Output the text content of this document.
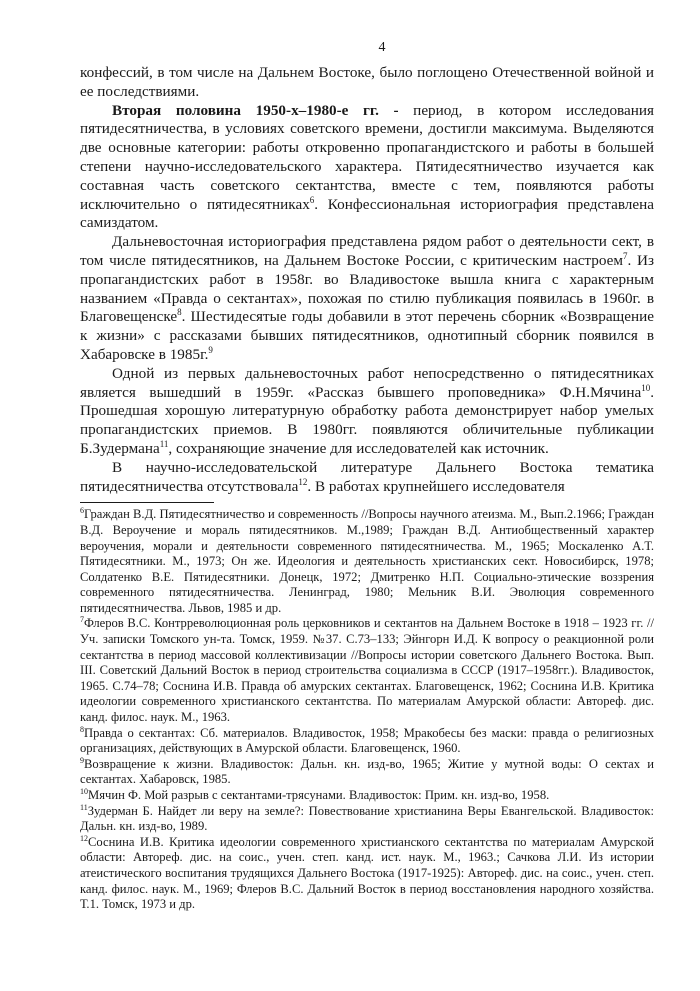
4

конфессий, в том числе на Дальнем Востоке, было поглощено Отечественной войной и ее последствиями.

Вторая половина 1950-х–1980-е гг. - период, в котором исследования пятидесятничества, в условиях советского времени, достигли максимума. Выделяются две основные категории: работы откровенно пропагандистского и работы в большей степени научно-исследовательского характера. Пятидесятничество изучается как составная часть советского сектантства, вместе с тем, появляются работы исключительно о пятидесятниках$^6$. Конфессиональная историография представлена самиздатом.

Дальневосточная историография представлена рядом работ о деятельности сект, в том числе пятидесятников, на Дальнем Востоке России, с критическим настроем$^7$. Из пропагандистских работ в 1958г. во Владивостоке вышла книга с характерным названием «Правда о сектантах», похожая по стилю публикация появилась в 1960г. в Благовещенске$^8$. Шестидесятые годы добавили в этот перечень сборник «Возвращение к жизни» с рассказами бывших пятидесятников, однотипный сборник появился в Хабаровске в 1985г.$^9$

Одной из первых дальневосточных работ непосредственно о пятидесятниках является вышедший в 1959г. «Рассказ бывшего проповедника» Ф.Н.Мячина$^{10}$. Прошедшая хорошую литературную обработку работа демонстрирует набор умелых пропагандистских приемов. В 1980гг. появляются обличительные публикации Б.Зудермана$^{11}$, сохраняющие значение для исследователей как источник.

В научно-исследовательской литературе Дальнего Востока тематика пятидесятничества отсутствовала$^{12}$. В работах крупнейшего исследователя

$^6$Граждан В.Д. Пятидесятничество и современность //Вопросы научного атеизма. М., Вып.2.1966; Граждан В.Д. Вероучение и мораль пятидесятников. М.,1989; Граждан В.Д. Антиобщественный характер вероучения, морали и деятельности современного пятидесятничества. М., 1965; Москаленко А.Т. Пятидесятники. М., 1973; Он же. Идеология и деятельность христианских сект. Новосибирск, 1978; Солдатенко В.Е. Пятидесятники. Донецк, 1972; Дмитренко Н.П. Социально-этические воззрения современного пятидесятничества. Ленинград, 1980; Мельник В.И. Эволюция современного пятидесятничества. Львов, 1985 и др.

$^7$Флеров В.С. Контрреволюционная роль церковников и сектантов на Дальнем Востоке в 1918 – 1923 гг. //Уч. записки Томского ун-та. Томск, 1959. №37. С.73–133; Эйнгорн И.Д. К вопросу о реакционной роли сектантства в период массовой коллективизации //Вопросы истории советского Дальнего Востока. Вып. III. Советский Дальний Восток в период строительства социализма в СССР (1917–1958гг.). Владивосток, 1965. С.74–78; Соснина И.В. Правда об амурских сектантах. Благовещенск, 1962; Соснина И.В. Критика идеологии современного христианского сектантства. По материалам Амурской области: Автореф. дис. канд. филос. наук. М., 1963.

$^8$Правда о сектантах: Сб. материалов. Владивосток, 1958; Мракобесы без маски: правда о религиозных организациях, действующих в Амурской области. Благовещенск, 1960.

$^9$Возвращение к жизни. Владивосток: Дальн. кн. изд-во, 1965; Житие у мутной воды: О сектах и сектантах. Хабаровск, 1985.

$^{10}$Мячин Ф. Мой разрыв с сектантами-трясунами. Владивосток: Прим. кн. изд-во, 1958.

$^{11}$Зудерман Б. Найдет ли веру на земле?: Повествование христианина Веры Евангельской. Владивосток: Дальн. кн. изд-во, 1989.

$^{12}$Соснина И.В. Критика идеологии современного христианского сектантства по материалам Амурской области: Автореф. дис. на соис., учен. степ. канд. ист. наук. М., 1963.; Сачкова Л.И. Из истории атеистического воспитания трудящихся Дальнего Востока (1917-1925): Автореф. дис. на соис., учен. степ. канд. филос. наук. М., 1969; Флеров В.С. Дальний Восток в период восстановления народного хозяйства. Т.1. Томск, 1973 и др.
